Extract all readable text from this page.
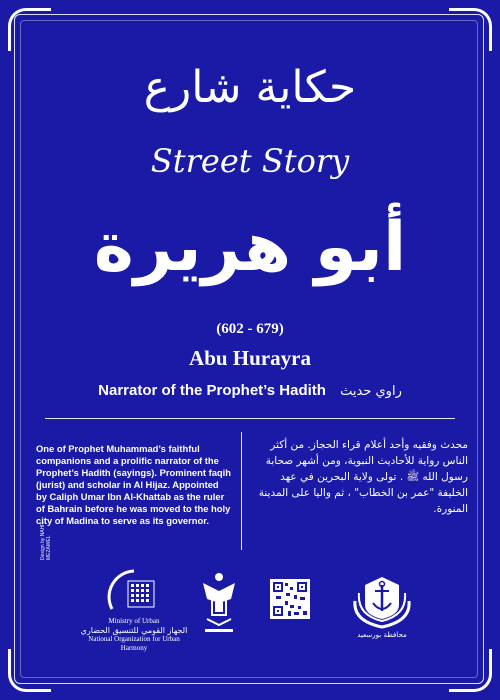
حكاية شارع
Street Story
أبو هريرة
(602 - 679)
Abu Hurayra
Narrator of the Prophet’s Hadith راوي حديث
One of Prophet Muhammad’s faithful companions and a prolific narrator of the Prophet’s Hadith (sayings). Prominent faqih (jurist) and scholar in Al Hijaz. Appointed by Caliph Umar Ibn Al-Khattab as the ruler of Bahrain before he was moved to the holy city of Madina to serve as its governor.
محدث وفقيه وأحد أعلام قراء الحجاز. من أكثر الناس رواية للأحاديث النبوية، ومن أشهر صحابة رسول الله ﷺ . تولى ولاية البحرين في عهد الخليفة "عمر بن الخطاب" ، ثم واليا على المدينة المنورة.
Design by NAHR MEZAWEL
Ministry of Urban
الجهاز القومي للتنسيق الحضاري
National Organization for Urban Harmony
محافظة بورسعيد
